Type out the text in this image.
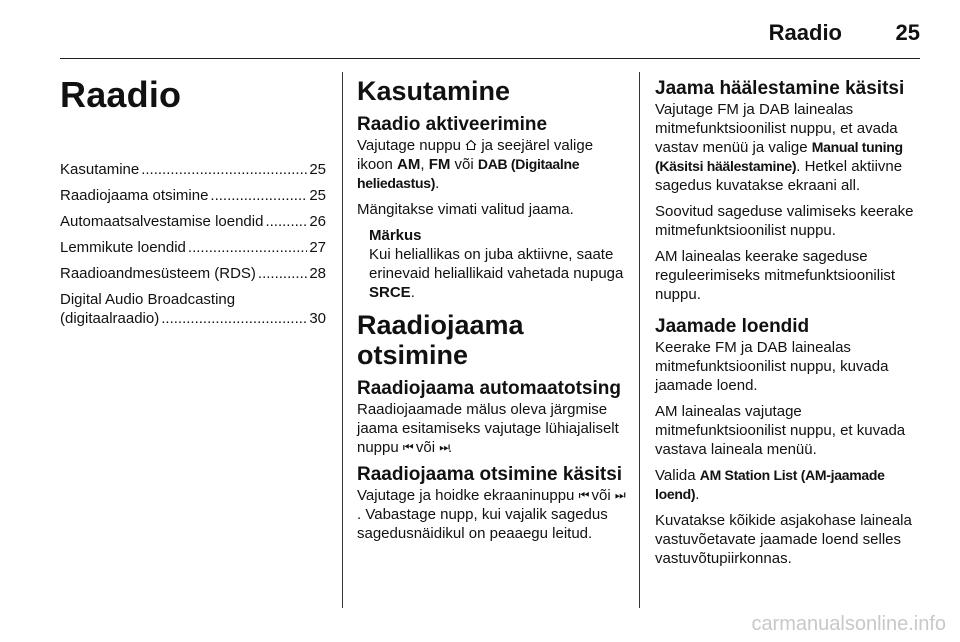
Raadio 25
Raadio
Kasutamine .....	25
Raadiojaama otsimine .....	25
Automaatsalvestamise loendid .....	26
Lemmikute loendid .....	27
Raadioandmesüsteem (RDS) .....	28
Digital Audio Broadcasting
(digitaalraadio) .....	30
Kasutamine
Raadio aktiveerimine

Vajutage nuppu ja seejärel valige ikoon AM, FM või DAB (Digitaalne heliedastus).

Mängitakse vimati valitud jaama.

Märkus
Kui heliallikas on juba aktiivne, saate erinevaid heliallikaid vahetada nupuga SRCE.
Raadiojaama otsimine
Raadiojaama automaatotsing

Raadiojaamade mälus oleva järgmise jaama esitamiseks vajutage lühiajaliselt nuppu ⏮ või ⏭.

Raadiojaama otsimine käsitsi

Vajutage ja hoidke ekraaninuppu ⏮ või ⏭. Vabastage nupp, kui vajalik sagedus sagedusnäidikul on peaaegu leitud.

Jaama häälestamine käsitsi

Vajutage FM ja DAB lainealas mitmefunktsioonilist nuppu, et avada vastav menüü ja valige Manual tuning (Käsitsi häälestamine). Hetkel aktiivne sagedus kuvatakse ekraani all.

Soovitud sageduse valimiseks keerake mitmefunktsioonilist nuppu.

AM lainealas keerake sageduse reguleerimiseks mitmefunktsioonilist nuppu.

Jaamade loendid

Keerake FM ja DAB lainealas mitmefunktsioonilist nuppu, kuvada jaamade loend.

AM lainealas vajutage mitmefunktsioonilist nuppu, et kuvada vastava laineala menüü.

Valida AM Station List (AM-jaamade loend).

Kuvatakse kõikide asjakohase laineala vastuvõetavate jaamade loend selles vastuvõtupiirkonnas.

carmanualsonline.info
